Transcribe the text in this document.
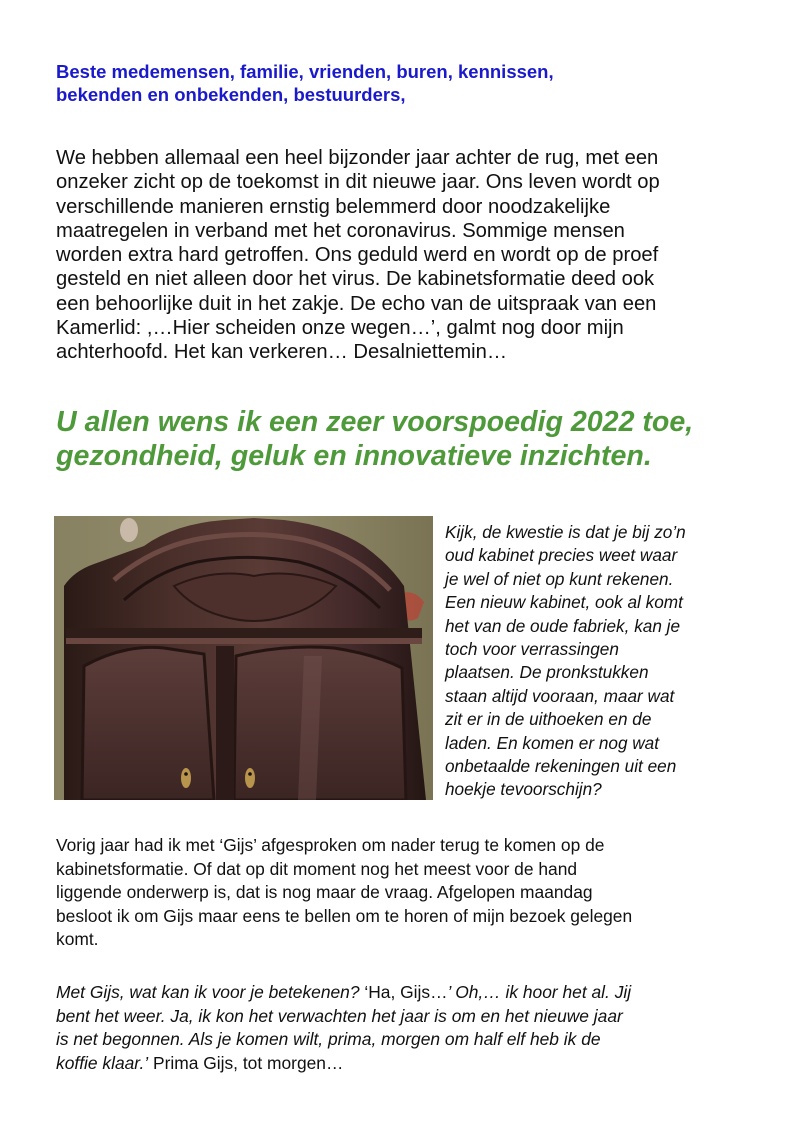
Beste medemensen, familie, vrienden, buren, kennissen,
bekenden en onbekenden, bestuurders,

We hebben allemaal een heel bijzonder jaar achter de rug, met een
onzeker zicht op de toekomst in dit nieuwe jaar. Ons leven wordt op
verschillende manieren ernstig belemmerd door noodzakelijke
maatregelen in verband met het coronavirus. Sommige mensen
worden extra hard getroffen. Ons geduld werd en wordt op de proef
gesteld en niet alleen door het virus. De kabinetsformatie deed ook
een behoorlijke duit in het zakje. De echo van de uitspraak van een
Kamerlid: ,…Hier scheiden onze wegen…’, galmt nog door mijn
achterhoofd. Het kan verkeren… Desalniettemin…

U allen wens ik een zeer voorspoedig 2022 toe,
gezondheid, geluk en innovatieve inzichten.

Kijk, de kwestie is dat je bij zo’n
oud kabinet precies weet waar
je wel of niet op kunt rekenen.
Een nieuw kabinet, ook al komt
het van de oude fabriek, kan je
toch voor verrassingen
plaatsen. De pronkstukken
staan altijd vooraan, maar wat
zit er in de uithoeken en de
laden. En komen er nog wat
onbetaalde rekeningen uit een
hoekje tevoorschijn?

Vorig jaar had ik met ‘Gijs’ afgesproken om nader terug te komen op de
kabinetsformatie. Of dat op dit moment nog het meest voor de hand
liggende onderwerp is, dat is nog maar de vraag. Afgelopen maandag
besloot ik om Gijs maar eens te bellen om te horen of mijn bezoek gelegen
komt.

Met Gijs, wat kan ik voor je betekenen? ‘Ha, Gijs…’ Oh,… ik hoor het al. Jij
bent het weer. Ja, ik kon het verwachten het jaar is om en het nieuwe jaar
is net begonnen. Als je komen wilt, prima, morgen om half elf heb ik de
koffie klaar.’ Prima Gijs, tot morgen…
